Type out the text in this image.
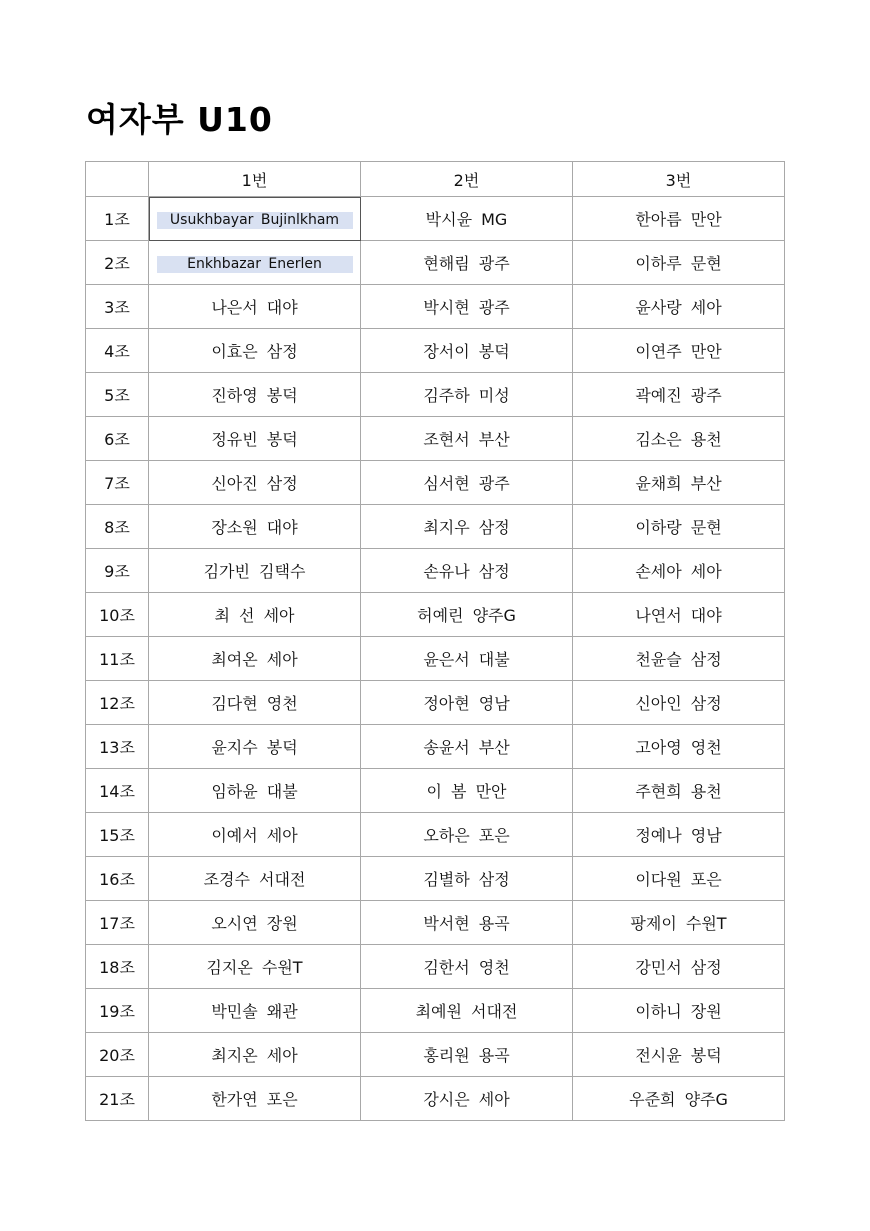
여자부 U10
	1번	2번	3번
1조	Usukhbayar Bujinlkham	박시윤 MG	한아름 만안
2조	Enkhbazar Enerlen	현해림 광주	이하루 문현
3조	나은서 대야	박시현 광주	윤사랑 세아
4조	이효은 삼정	장서이 봉덕	이연주 만안
5조	진하영 봉덕	김주하 미성	곽예진 광주
6조	정유빈 봉덕	조현서 부산	김소은 용천
7조	신아진 삼정	심서현 광주	윤채희 부산
8조	장소원 대야	최지우 삼정	이하랑 문현
9조	김가빈 김택수	손유나 삼정	손세아 세아
10조	최 선 세아	허예린 양주G	나연서 대야
11조	최여온 세아	윤은서 대불	천윤슬 삼정
12조	김다현 영천	정아현 영남	신아인 삼정
13조	윤지수 봉덕	송윤서 부산	고아영 영천
14조	임하윤 대불	이 봄 만안	주현희 용천
15조	이예서 세아	오하은 포은	정예나 영남
16조	조경수 서대전	김별하 삼정	이다원 포은
17조	오시연 장원	박서현 용곡	팡제이 수원T
18조	김지온 수원T	김한서 영천	강민서 삼정
19조	박민솔 왜관	최예원 서대전	이하니 장원
20조	최지온 세아	홍리원 용곡	전시윤 봉덕
21조	한가연 포은	강시은 세아	우준희 양주G
